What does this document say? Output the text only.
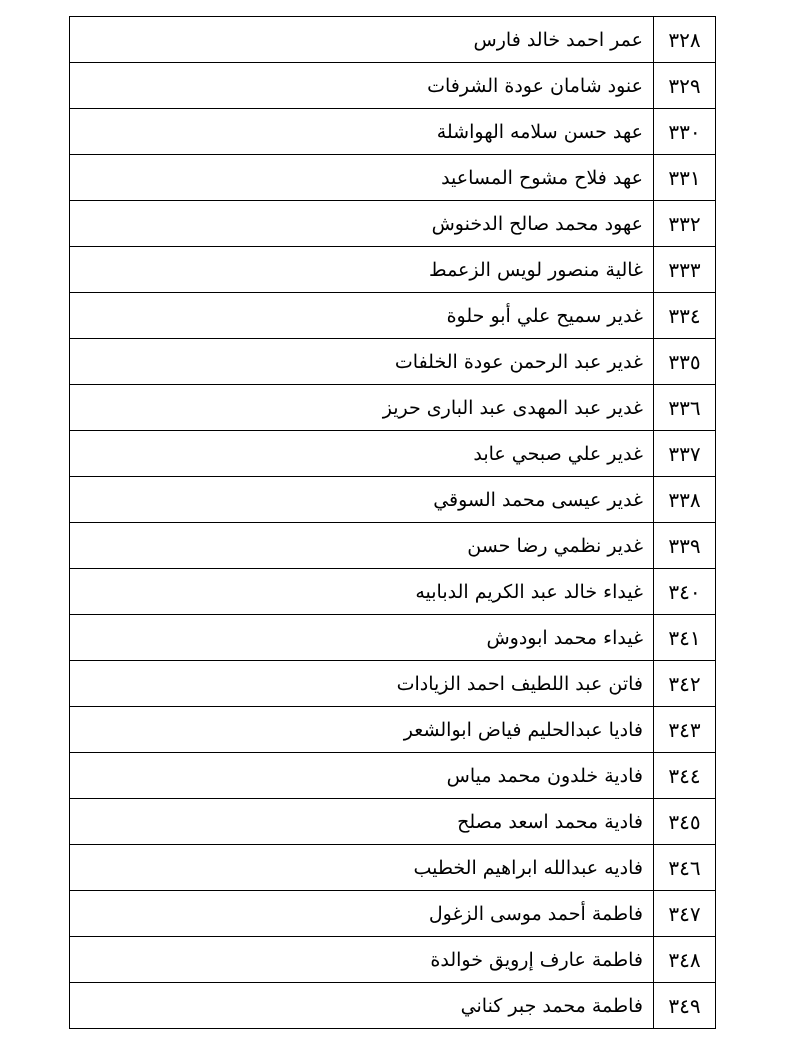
٣٢٨	عمر احمد خالد فارس
٣٢٩	عنود شامان عودة الشرفات
٣٣٠	عهد حسن سلامه الهواشلة
٣٣١	عهد فلاح مشوح المساعيد
٣٣٢	عهود محمد صالح الدخنوش
٣٣٣	غالية منصور لويس الزعمط
٣٣٤	غدير سميح علي أبو حلوة
٣٣٥	غدير عبد الرحمن عودة الخلفات
٣٣٦	غدير عبد المهدى عبد البارى حريز
٣٣٧	غدير علي صبحي عابد
٣٣٨	غدير عيسى محمد السوقي
٣٣٩	غدير نظمي رضا حسن
٣٤٠	غيداء خالد عبد الكريم الدبابيه
٣٤١	غيداء محمد ابودوش
٣٤٢	فاتن عبد اللطيف احمد الزيادات
٣٤٣	فاديا عبدالحليم فياض ابوالشعر
٣٤٤	فادية خلدون محمد مياس
٣٤٥	فادية محمد اسعد مصلح
٣٤٦	فاديه عبدالله ابراهيم الخطيب
٣٤٧	فاطمة أحمد موسى الزغول
٣٤٨	فاطمة عارف إرويق خوالدة
٣٤٩	فاطمة محمد جبر كناني
